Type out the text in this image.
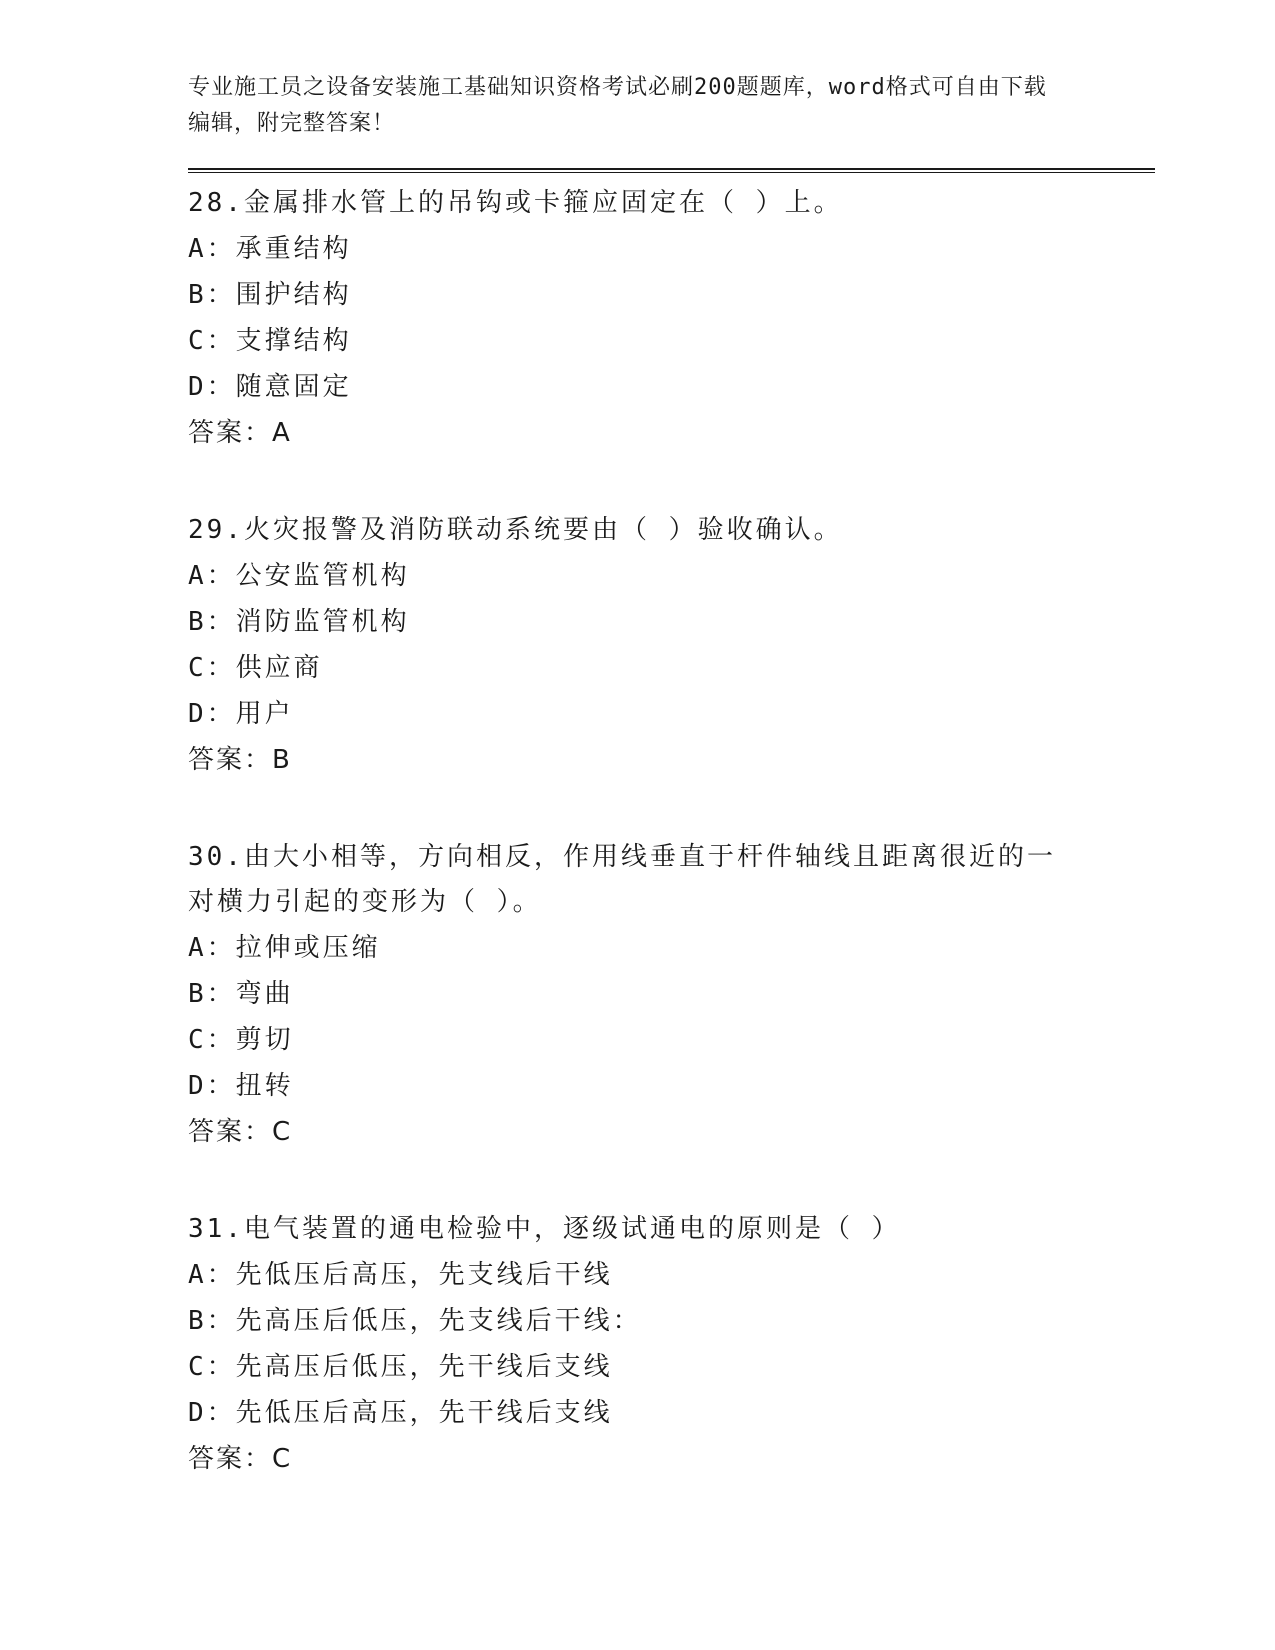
专业施工员之设备安装施工基础知识资格考试必刷200题题库，word格式可自由下载编辑，附完整答案！

28.金属排水管上的吊钩或卡箍应固定在（ ）上。

A：承重结构

B：围护结构

C：支撑结构

D：随意固定

答案：A

29.火灾报警及消防联动系统要由（ ）验收确认。

A：公安监管机构

B：消防监管机构

C：供应商

D：用户

答案：B

30.由大小相等，方向相反，作用线垂直于杆件轴线且距离很近的一对横力引起的变形为（ ）。

A：拉伸或压缩

B：弯曲

C：剪切

D：扭转

答案：C

31.电气装置的通电检验中，逐级试通电的原则是（ ）

A：先低压后高压，先支线后干线

B：先高压后低压，先支线后干线：

C：先高压后低压，先干线后支线

D：先低压后高压，先干线后支线

答案：C
